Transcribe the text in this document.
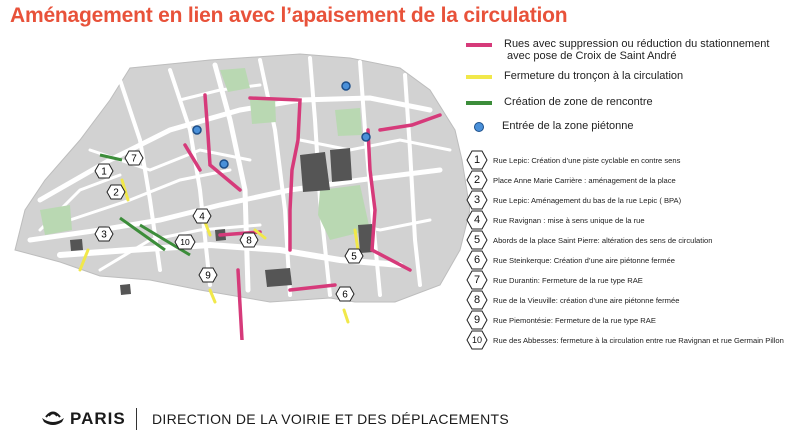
Aménagement en lien avec l’apaisement de la circulation
1
2
3
4
5
6
7
8
9
10
Rues avec suppression ou réduction du stationnement
avec pose de Croix de Saint André
Fermeture du tronçon à la circulation
Création de zone de rencontre
Entrée de la zone piétonne
1	Rue Lepic: Création d’une piste cyclable en contre sens
2	Place Anne Marie Carrière : aménagement de la place
3	Rue Lepic: Aménagement du bas de la rue Lepic ( BPA)
4	Rue Ravignan : mise à sens unique de la rue
5	Abords de la place Saint Pierre: altération des sens de circulation
6	Rue Steinkerque: Création d’une aire piétonne fermée
7	Rue Durantin: Fermeture de la rue type RAE
8	Rue de la Vieuville: création d’une aire piétonne fermée
9	Rue Piemontésie: Fermeture de la rue type RAE
10	Rue des Abbesses: fermeture à la circulation entre rue Ravignan et rue Germain Pillon
PARIS DIRECTION DE LA VOIRIE ET DES DÉPLACEMENTS
